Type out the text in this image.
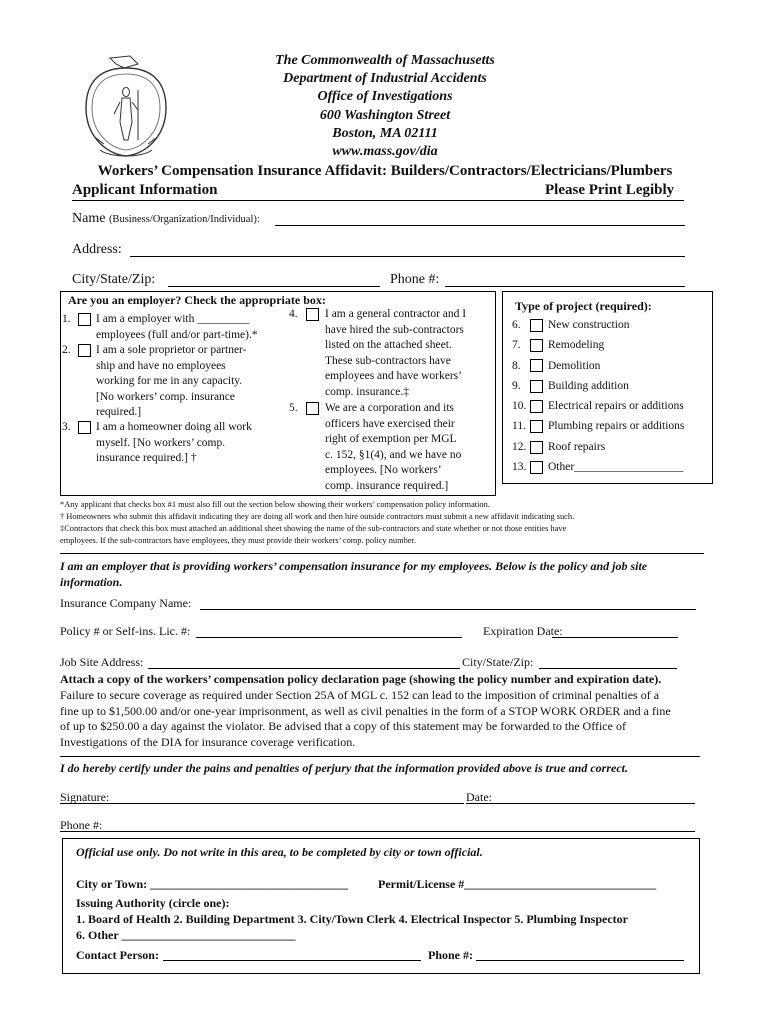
The Commonwealth of Massachusetts
Department of Industrial Accidents
Office of Investigations
600 Washington Street
Boston, MA 02111
www.mass.gov/dia
Workers’ Compensation Insurance Affidavit: Builders/Contractors/Electricians/Plumbers
Applicant Information	Please Print Legibly
Name (Business/Organization/Individual):
Address:
City/State/Zip:	Phone #:
Are you an employer? Check the appropriate box:
1.	I am a employer with _________
employees (full and/or part-time).*
2.	I am a sole proprietor or partner-
ship and have no employees
working for me in any capacity.
[No workers’ comp. insurance
required.]
3.	I am a homeowner doing all work
myself. [No workers’ comp.
insurance required.] †
4.	I am a general contractor and I
have hired the sub-contractors
listed on the attached sheet.
These sub-contractors have
employees and have workers’
comp. insurance.‡
5.	We are a corporation and its
officers have exercised their
right of exemption per MGL
c. 152, §1(4), and we have no
employees. [No workers’
comp. insurance required.]
Type of project (required):
6. New construction
7. Remodeling
8. Demolition
9. Building addition
10. Electrical repairs or additions
11. Plumbing repairs or additions
12. Roof repairs
13. Other___________________
*Any applicant that checks box #1 must also fill out the section below showing their workers’ compensation policy information.
† Homeowners who submit this affidavit indicating they are doing all work and then hire outside contractors must submit a new affidavit indicating such.
‡Contractors that check this box must attached an additional sheet showing the name of the sub-contractors and state whether or not those entities have
employees. If the sub-contractors have employees, they must provide their workers’ comp. policy number.
I am an employer that is providing workers’ compensation insurance for my employees. Below is the policy and job site
information.
Insurance Company Name:
Policy # or Self-ins. Lic. #:	Expiration Date:
Job Site Address:	City/State/Zip:
Attach a copy of the workers’ compensation policy declaration page (showing the policy number and expiration date).
Failure to secure coverage as required under Section 25A of MGL c. 152 can lead to the imposition of criminal penalties of a
fine up to $1,500.00 and/or one-year imprisonment, as well as civil penalties in the form of a STOP WORK ORDER and a fine
of up to $250.00 a day against the violator. Be advised that a copy of this statement may be forwarded to the Office of
Investigations of the DIA for insurance coverage verification.
I do hereby certify under the pains and penalties of perjury that the information provided above is true and correct.
Signature:	Date:
Phone #:
Official use only. Do not write in this area, to be completed by city or town official.
City or Town: _________________________________ Permit/License #________________________________
Issuing Authority (circle one):
1. Board of Health 2. Building Department 3. City/Town Clerk 4. Electrical Inspector 5. Plumbing Inspector
6. Other _____________________________
Contact Person:	Phone #:
